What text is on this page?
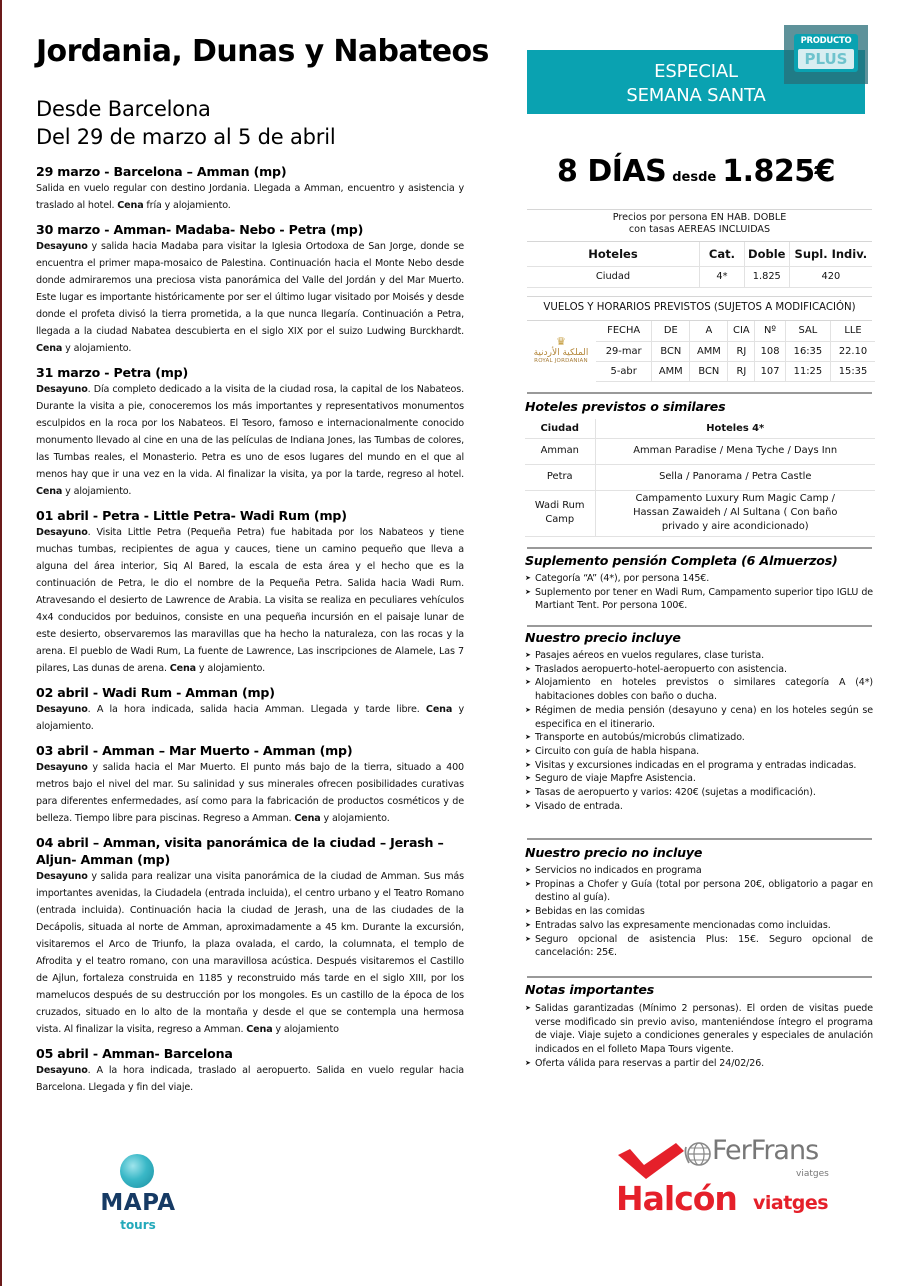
Jordania, Dunas y Nabateos
Desde Barcelona
Del 29 de marzo al 5 de abril
29 marzo - Barcelona – Amman (mp)
Salida en vuelo regular con destino Jordania. Llegada a Amman, encuentro y asistencia y traslado al hotel. Cena fría y alojamiento.
30 marzo - Amman- Madaba- Nebo - Petra (mp)
Desayuno y salida hacia Madaba para visitar la Iglesia Ortodoxa de San Jorge, donde se encuentra el primer mapa-mosaico de Palestina. Continuación hacia el Monte Nebo desde donde admiraremos una preciosa vista panorámica del Valle del Jordán y del Mar Muerto. Este lugar es importante históricamente por ser el último lugar visitado por Moisés y desde donde el profeta divisó la tierra prometida, a la que nunca llegaría. Continuación a Petra, llegada a la ciudad Nabatea descubierta en el siglo XIX por el suizo Ludwing Burckhardt. Cena y alojamiento.
31 marzo - Petra (mp)
Desayuno. Día completo dedicado a la visita de la ciudad rosa, la capital de los Nabateos. Durante la visita a pie, conoceremos los más importantes y representativos monumentos esculpidos en la roca por los Nabateos. El Tesoro, famoso e internacionalmente conocido monumento llevado al cine en una de las películas de Indiana Jones, las Tumbas de colores, las Tumbas reales, el Monasterio. Petra es uno de esos lugares del mundo en el que al menos hay que ir una vez en la vida. Al finalizar la visita, ya por la tarde, regreso al hotel. Cena y alojamiento.
01 abril - Petra - Little Petra- Wadi Rum (mp)
Desayuno. Visita Little Petra (Pequeña Petra) fue habitada por los Nabateos y tiene muchas tumbas, recipientes de agua y cauces, tiene un camino pequeño que lleva a alguna del área interior, Siq Al Bared, la escala de esta área y el hecho que es la continuación de Petra, le dio el nombre de la Pequeña Petra. Salida hacia Wadi Rum. Atravesando el desierto de Lawrence de Arabia. La visita se realiza en peculiares vehículos 4x4 conducidos por beduinos, consiste en una pequeña incursión en el paisaje lunar de este desierto, observaremos las maravillas que ha hecho la naturaleza, con las rocas y la arena. El pueblo de Wadi Rum, La fuente de Lawrence, Las inscripciones de Alamele, Las 7 pilares, Las dunas de arena. Cena y alojamiento.
02 abril - Wadi Rum - Amman (mp)
Desayuno. A la hora indicada, salida hacia Amman. Llegada y tarde libre. Cena y alojamiento.
03 abril - Amman – Mar Muerto - Amman (mp)
Desayuno y salida hacia el Mar Muerto. El punto más bajo de la tierra, situado a 400 metros bajo el nivel del mar. Su salinidad y sus minerales ofrecen posibilidades curativas para diferentes enfermedades, así como para la fabricación de productos cosméticos y de belleza. Tiempo libre para piscinas. Regreso a Amman. Cena y alojamiento.
04 abril – Amman, visita panorámica de la ciudad – Jerash – Aljun- Amman (mp)
Desayuno y salida para realizar una visita panorámica de la ciudad de Amman. Sus más importantes avenidas, la Ciudadela (entrada incluida), el centro urbano y el Teatro Romano (entrada incluida). Continuación hacia la ciudad de Jerash, una de las ciudades de la Decápolis, situada al norte de Amman, aproximadamente a 45 km. Durante la excursión, visitaremos el Arco de Triunfo, la plaza ovalada, el cardo, la columnata, el templo de Afrodita y el teatro romano, con una maravillosa acústica. Después visitaremos el Castillo de Ajlun, fortaleza construida en 1185 y reconstruido más tarde en el siglo XIII, por los mamelucos después de su destrucción por los mongoles. Es un castillo de la época de los cruzados, situado en lo alto de la montaña y desde el que se contempla una hermosa vista. Al finalizar la visita, regreso a Amman. Cena y alojamiento
05 abril - Amman- Barcelona
Desayuno. A la hora indicada, traslado al aeropuerto. Salida en vuelo regular hacia Barcelona. Llegada y fin del viaje.
ESPECIAL
SEMANA SANTA
PRODUCTO
PLUS
8 DÍAS desde 1.825€
Precios por persona EN HAB. DOBLE
con tasas AEREAS INCLUIDAS
Hoteles	Cat.	Doble	Supl. Indiv.
Ciudad	4*	1.825	420
VUELOS Y HORARIOS PREVISTOS (SUJETOS A MODIFICACIÓN)
♛
الملكية الأردنية
ROYAL JORDANIAN
FECHA	DE	A	CIA	Nº	SAL	LLE
29-mar	BCN	AMM	RJ	108	16:35	22.10
5-abr	AMM	BCN	RJ	107	11:25	15:35
Hoteles previstos o similares
Ciudad	Hoteles 4*
Amman	Amman Paradise / Mena Tyche / Days Inn
Petra	Sella / Panorama / Petra Castle
Wadi Rum Camp	Campamento Luxury Rum Magic Camp / Hassan Zawaideh / Al Sultana ( Con baño privado y aire acondicionado)
Suplemento pensión Completa (6 Almuerzos)
➤ Categoría “A” (4*), por persona 145€.
➤ Suplemento por tener en Wadi Rum, Campamento superior tipo IGLU de Martiant Tent. Por persona 100€.
Nuestro precio incluye
➤ Pasajes aéreos en vuelos regulares, clase turista.
➤ Traslados aeropuerto-hotel-aeropuerto con asistencia.
➤ Alojamiento en hoteles previstos o similares categoría A (4*) habitaciones dobles con baño o ducha.
➤ Régimen de media pensión (desayuno y cena) en los hoteles según se especifica en el itinerario.
➤ Transporte en autobús/microbús climatizado.
➤ Circuito con guía de habla hispana.
➤ Visitas y excursiones indicadas en el programa y entradas indicadas.
➤ Seguro de viaje Mapfre Asistencia.
➤ Tasas de aeropuerto y varios: 420€ (sujetas a modificación).
➤ Visado de entrada.
Nuestro precio no incluye
➤ Servicios no indicados en programa
➤ Propinas a Chofer y Guía (total por persona 20€, obligatorio a pagar en destino al guía).
➤ Bebidas en las comidas
➤ Entradas salvo las expresamente mencionadas como incluidas.
➤ Seguro opcional de asistencia Plus: 15€. Seguro opcional de cancelación: 25€.
Notas importantes
➤ Salidas garantizadas (Mínimo 2 personas). El orden de visitas puede verse modificado sin previo aviso, manteniéndose íntegro el programa de viaje. Viaje sujeto a condiciones generales y especiales de anulación indicados en el folleto Mapa Tours vigente.
➤ Oferta válida para reservas a partir del 24/02/26.
MAPA
tours
FerFrans
viatges
Halcón viatges
